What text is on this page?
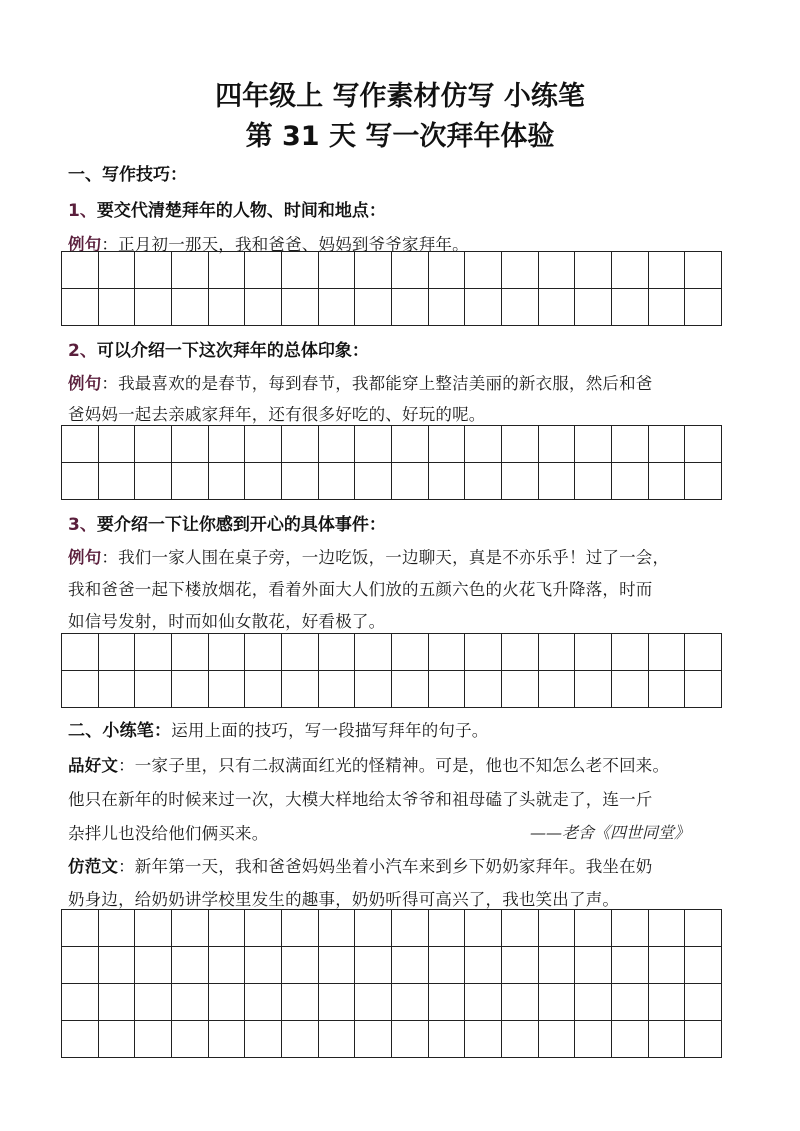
四年级上 写作素材仿写 小练笔
第 31 天 写一次拜年体验
一、写作技巧：
1、要交代清楚拜年的人物、时间和地点：
例句：正月初一那天，我和爸爸、妈妈到爷爷家拜年。
2、可以介绍一下这次拜年的总体印象：
例句：我最喜欢的是春节，每到春节，我都能穿上整洁美丽的新衣服，然后和爸
爸妈妈一起去亲戚家拜年，还有很多好吃的、好玩的呢。
3、要介绍一下让你感到开心的具体事件：
例句：我们一家人围在桌子旁，一边吃饭，一边聊天，真是不亦乐乎！过了一会，
我和爸爸一起下楼放烟花，看着外面大人们放的五颜六色的火花飞升降落，时而
如信号发射，时而如仙女散花，好看极了。
二、小练笔：运用上面的技巧，写一段描写拜年的句子。
品好文：一家子里，只有二叔满面红光的怪精神。可是，他也不知怎么老不回来。
他只在新年的时候来过一次，大模大样地给太爷爷和祖母磕了头就走了，连一斤
杂拌儿也没给他们俩买来。	——老舍《四世同堂》
仿范文：新年第一天，我和爸爸妈妈坐着小汽车来到乡下奶奶家拜年。我坐在奶
奶身边，给奶奶讲学校里发生的趣事，奶奶听得可高兴了，我也笑出了声。
